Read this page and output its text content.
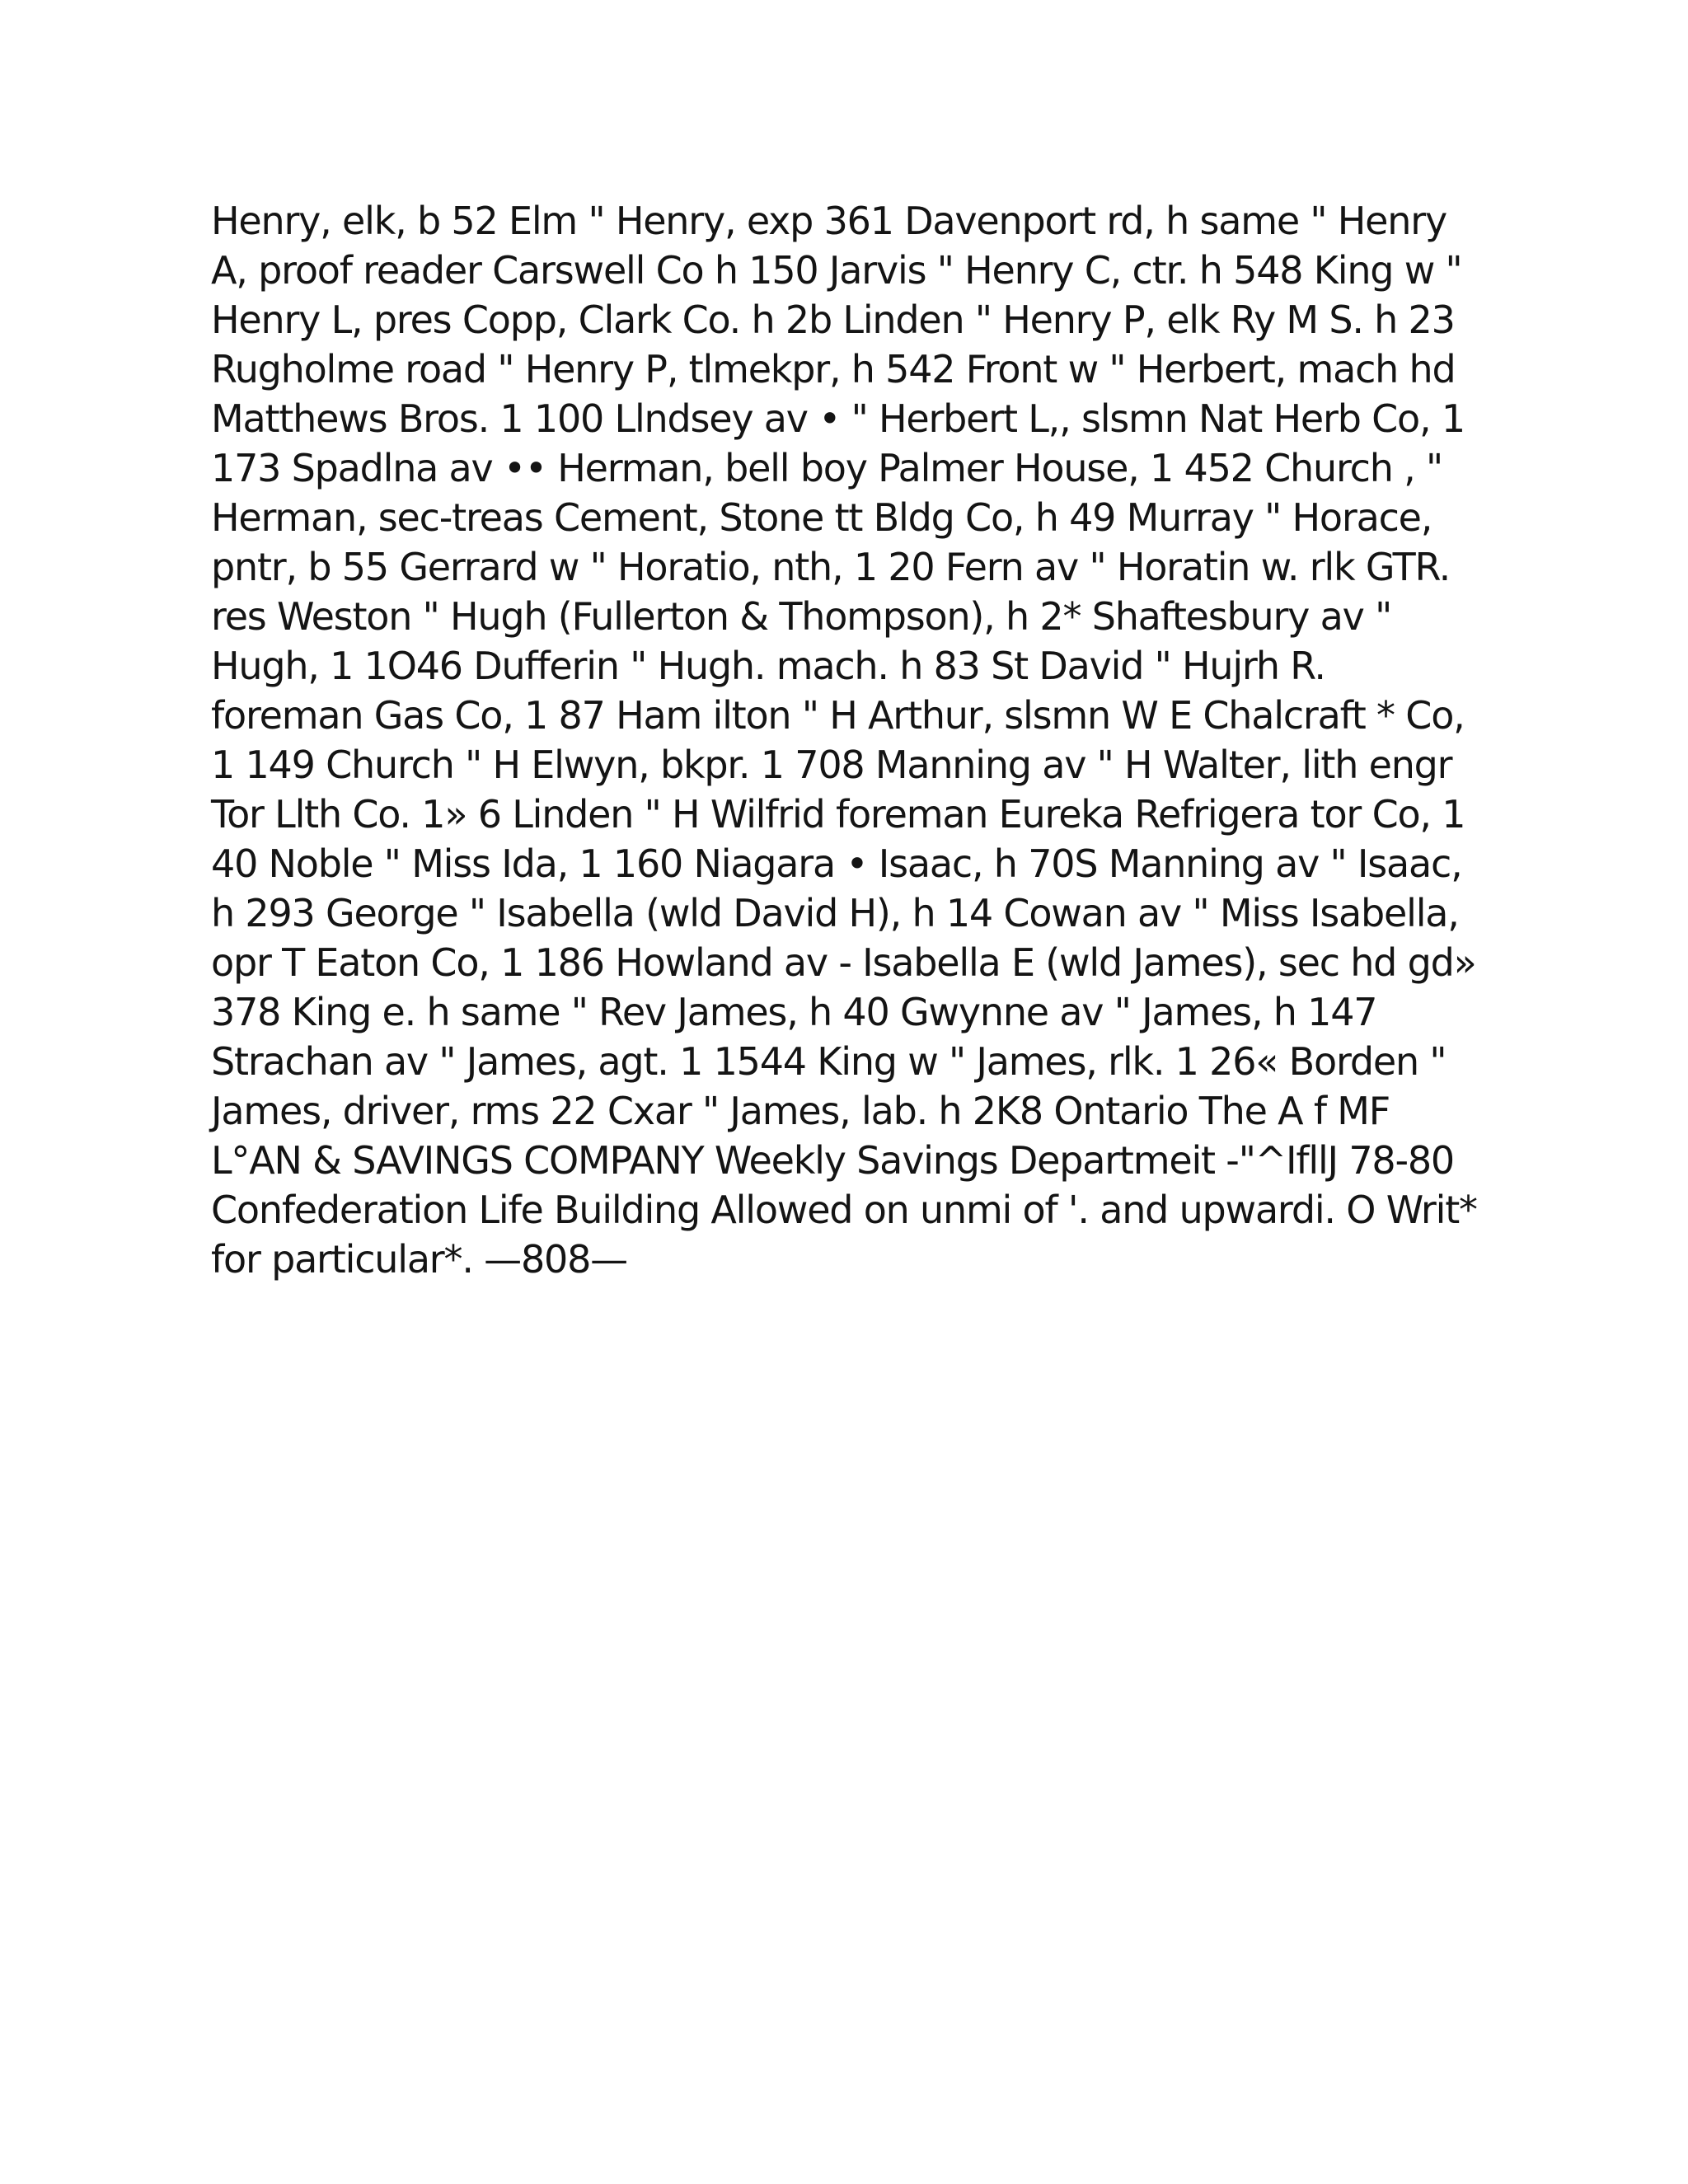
Henry, elk, b 52 Elm " Henry, exp 361 Davenport rd, h same " Henry A, proof reader Carswell Co h 150 Jarvis " Henry C, ctr. h 548 King w " Henry L, pres Copp, Clark Co. h 2b Linden " Henry P, elk Ry M S. h 23 Rugholme road " Henry P, tlmekpr, h 542 Front w " Herbert, mach hd Matthews Bros. 1 100 Llndsey av • " Herbert L,, slsmn Nat Herb Co, 1 173 Spadlna av •• Herman, bell boy Palmer House, 1 452 Church , " Herman, sec-treas Cement, Stone tt Bldg Co, h 49 Murray " Horace, pntr, b 55 Gerrard w " Horatio, nth, 1 20 Fern av " Horatin w. rlk GTR. res Weston " Hugh (Fullerton & Thompson), h 2* Shaftesbury av " Hugh, 1 1O46 Dufferin " Hugh. mach. h 83 St David " Hujrh R. foreman Gas Co, 1 87 Ham ilton " H Arthur, slsmn W E Chalcraft * Co, 1 149 Church " H Elwyn, bkpr. 1 708 Manning av " H Walter, lith engr Tor Llth Co. 1» 6 Linden " H Wilfrid foreman Eureka Refrigera tor Co, 1 40 Noble " Miss Ida, 1 160 Niagara • Isaac, h 70S Manning av " Isaac, h 293 George " Isabella (wld David H), h 14 Cowan av " Miss Isabella, opr T Eaton Co, 1 186 Howland av - Isabella E (wld James), sec hd gd» 378 King e. h same " Rev James, h 40 Gwynne av " James, h 147 Strachan av " James, agt. 1 1544 King w " James, rlk. 1 26« Borden " James, driver, rms 22 Cxar " James, lab. h 2K8 Ontario The A f MF L°AN & SAVINGS COMPANY Weekly Savings Departmeit -"^IfllJ 78-80 Confederation Life Building Allowed on unmi of '. and upwardi. O Writ* for particular*. —808—
